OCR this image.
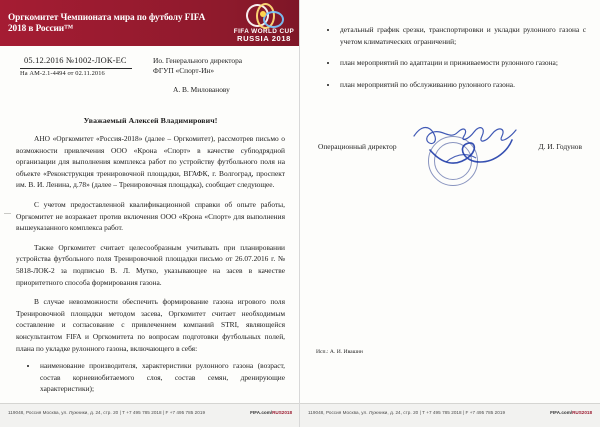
Оргкомитет Чемпионата мира по футболу FIFA 2018 в России™	FIFA WORLD CUP
RUSSIA 2018
05.12.2016 №1002-ЛОК-ЕС
На АМ-2.1-4494 от 02.11.2016
Ио. Генерального директора
ФГУП «Спорт-Ин»
А. В. Милованову
Уважаемый Алексей Владимирович!

АНО «Оргкомитет «Россия-2018» (далее – Оргкомитет), рассмотрев письмо о возможности привлечения ООО «Крона «Спорт» в качестве субподрядной организации для выполнения комплекса работ по устройству футбольного поля на объекте «Реконструкция тренировочной площадки, ВГАФК, г. Волгоград, проспект им. В. И. Ленина, д.78» (далее – Тренировочная площадка), сообщает следующее.

С учетом предоставленной квалификационной справки об опыте работы, Оргкомитет не возражает против включения ООО «Крона «Спорт» для выполнения вышеуказанного комплекса работ.

Также Оргкомитет считает целесообразным учитывать при планировании устройства футбольного поля Тренировочной площадки письмо от 26.07.2016 г. № 5818-ЛОК-2 за подписью В. Л. Мутко, указывающее на засев в качестве приоритетного способа формирования газона.

В случае невозможности обеспечить формирование газона игрового поля Тренировочной площадки методом засева, Оргкомитет считает необходимым составление и согласование с привлечением компаний STRI, являющейся консультантом FIFA и Оргкомитета по вопросам подготовки футбольных полей, плана по укладке рулонного газона, включающего в себя:

• наименование производителя, характеристики рулонного газона (возраст, состав корневиобитаемого слоя, состав семян, дренирующие характеристики);
119048, Россия Москва, ул. Лужники, д. 24, стр. 20 | T +7 495 785 2018 | F +7 495 785 2019	FIFA.com/RUS2018
• детальный график срезки, транспортировки и укладки рулонного газона с учетом климатических ограничений;
• план мероприятий по адаптации и приживаемости рулонного газона;
• план мероприятий по обслуживанию рулонного газона.
Операционный директор	Д. И. Годунов
Исп.: А. И. Ивашин
119048, Россия Москва, ул. Лужники, д. 24, стр. 20 | T +7 495 785 2018 | F +7 495 785 2019	FIFA.com/RUS2018
